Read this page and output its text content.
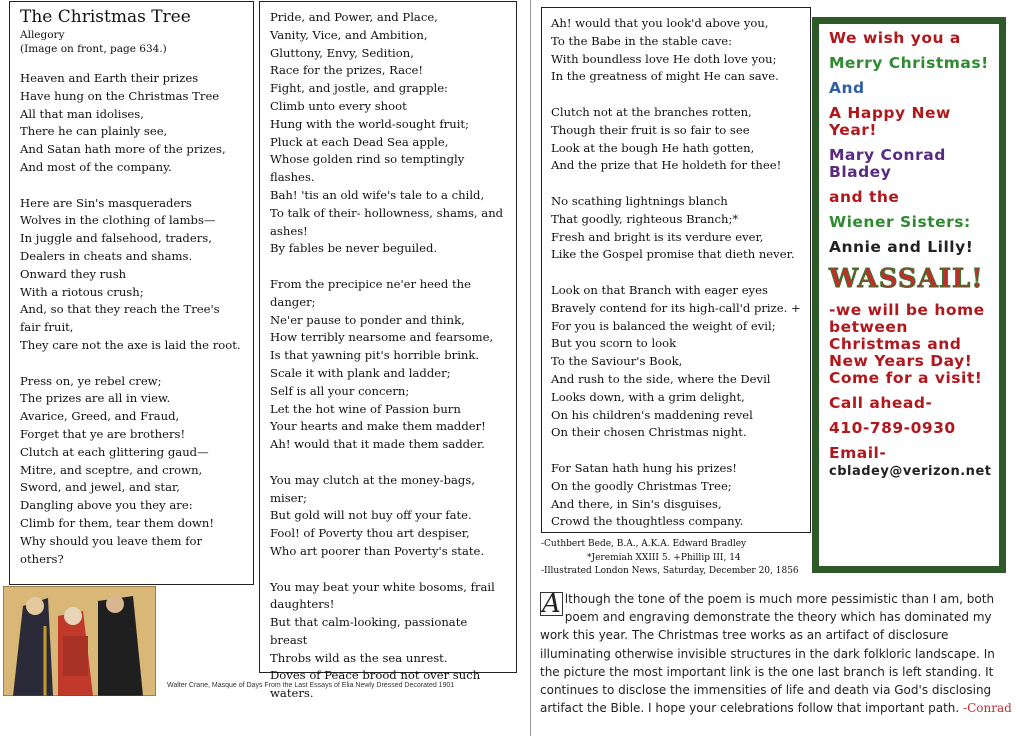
The Christmas Tree
Allegory
(Image on front, page 634.)
Heaven and Earth their prizes
Have hung on the Christmas Tree
All that man idolises,
There he can plainly see,
And Satan hath more of the prizes,
And most of the company.
Here are Sin's masqueraders
Wolves in the clothing of lambs—
In juggle and falsehood, traders,
Dealers in cheats and shams.
Onward they rush
With a riotous crush;
And, so that they reach the Tree's fair fruit,
They care not the axe is laid the root.
Press on, ye rebel crew;
The prizes are all in view.
Avarice, Greed, and Fraud,
Forget that ye are brothers!
Clutch at each glittering gaud—
Mitre, and sceptre, and crown,
Sword, and jewel, and star,
Dangling above you they are:
Climb for them, tear them down!
Why should you leave them for others?
Pride, and Power, and Place,
Vanity, Vice, and Ambition,
Gluttony, Envy, Sedition,
Race for the prizes, Race!
Fight, and jostle, and grapple:
Climb unto every shoot
Hung with the world-sought fruit;
Pluck at each Dead Sea apple,
Whose golden rind so temptingly flashes.
Bah! 'tis an old wife's tale to a child,
To talk of their- hollowness, shams, and ashes!
By fables be never beguiled.
From the precipice ne'er heed the danger;
Ne'er pause to ponder and think,
How terribly nearsome and fearsome,
Is that yawning pit's horrible brink.
Scale it with plank and ladder;
Self is all your concern;
Let the hot wine of Passion burn
Your hearts and make them madder!
Ah! would that it made them sadder.
You may clutch at the money-bags, miser;
But gold will not buy off your fate.
Fool! of Poverty thou art despiser,
Who art poorer than Poverty's state.
You may beat your white bosoms, frail daughters!
But that calm-looking, passionate breast
Throbs wild as the sea unrest.
Doves of Peace brood not over such waters.
Ah! would that you look'd above you,
To the Babe in the stable cave:
With boundless love He doth love you;
In the greatness of might He can save.
Clutch not at the branches rotten,
Though their fruit is so fair to see
Look at the bough He hath gotten,
And the prize that He holdeth for thee!
No scathing lightnings blanch
That goodly, righteous Branch;*
Fresh and bright is its verdure ever,
Like the Gospel promise that dieth never.
Look on that Branch with eager eyes
Bravely contend for its high-call'd prize. +
For you is balanced the weight of evil;
But you scorn to look
To the Saviour's Book,
And rush to the side, where the Devil
Looks down, with a grim delight,
On his children's maddening revel
On their chosen Christmas night.
For Satan hath hung his prizes!
On the goodly Christmas Tree;
And there, in Sin's disguises,
Crowd the thoughtless company.
-Cuthbert Bede, B.A., A.K.A. Edward Bradley
*Jeremiah XXIII 5. +Phillip III, 14
-Illustrated London News, Saturday, December 20, 1856
We wish you a
Merry Christmas!
And
A Happy New Year!
Mary Conrad Bladey
and the
Wiener Sisters:
Annie and Lilly!
WASSAIL!
-we will be home between Christmas and New Years Day! Come for a visit!
Call ahead-
410-789-0930
Email-
cbladey@verizon.net
Walter Crane, Masque of Days From the Last Essays of Elia Newly Dressed Decorated 1901
A lthough the tone of the poem is much more pessimistic than I am, both poem and engraving demonstrate the theory which has dominated my work this year. The Christmas tree works as an artifact of disclosure illuminating otherwise invisible structures in the dark folkloric landscape. In the picture the most important link is the one last branch is left standing. It continues to disclose the immensities of life and death via God's disclosing artifact the Bible. I hope your celebrations follow that important path. -Conrad
